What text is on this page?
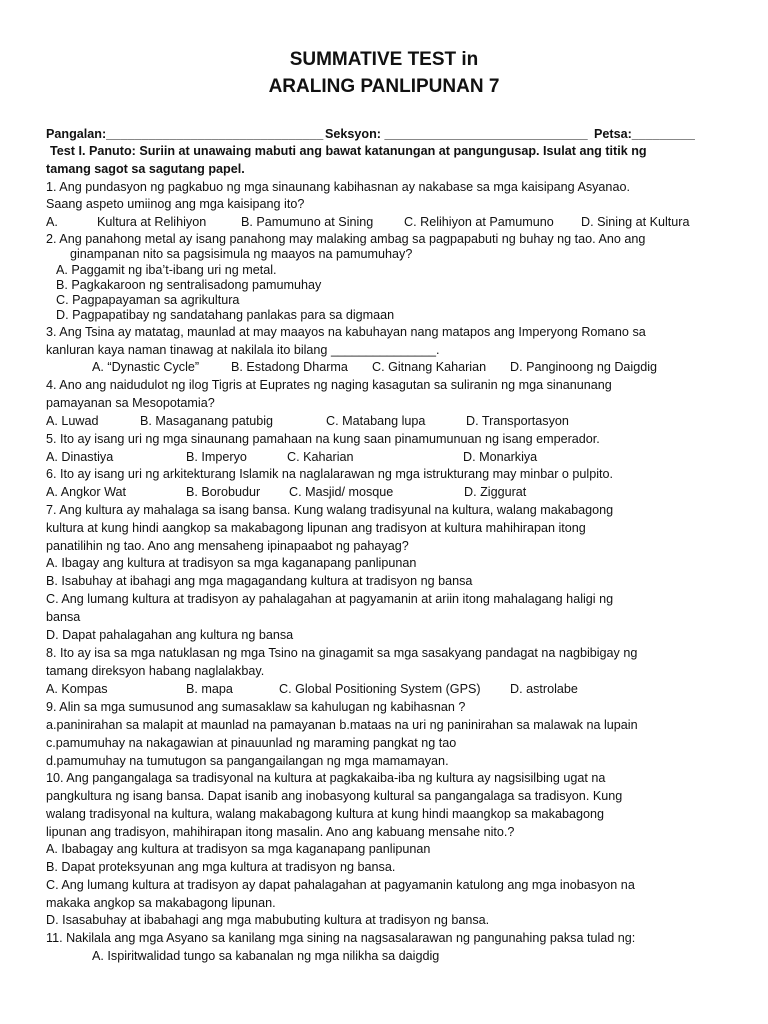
SUMMATIVE TEST in
ARALING PANLIPUNAN 7
Pangalan:_______________________________ Seksyon: _____________________________ Petsa:_________
Test I. Panuto: Suriin at unawaing mabuti ang bawat katanungan at pangungusap. Isulat ang titik ng
tamang sagot sa sagutang papel.
1. Ang pundasyon ng pagkabuo ng mga sinaunang kabihasnan ay nakabase sa mga kaisipang Asyanao.
Saang aspeto umiinog ang mga kaisipang ito?
A.	Kultura at Relihiyon	B. Pamumuno at Sining C. Relihiyon at Pamumuno D. Sining at Kultura
2. Ang panahong metal ay isang panahong may malaking ambag sa pagpapabuti ng buhay ng tao. Ano ang
ginampanan nito sa pagsisimula ng maayos na pamumuhay?
A. Paggamit ng iba’t-ibang uri ng metal.
B. Pagkakaroon ng sentralisadong pamumuhay
C. Pagpapayaman sa agrikultura
D. Pagpapatibay ng sandatahang panlakas para sa digmaan
3. Ang Tsina ay matatag, maunlad at may maayos na kabuhayan nang matapos ang Imperyong Romano sa
kanluran kaya naman tinawag at nakilala ito bilang _______________.
A. “Dynastic Cycle”	B. Estadong Dharma C. Gitnang Kaharian D. Panginoong ng Daigdig
4. Ano ang naidudulot ng ilog Tigris at Euprates ng naging kasagutan sa suliranin ng mga sinanunang
pamayanan sa Mesopotamia?
A. Luwad	B. Masaganang patubig	C. Matabang lupa	D. Transportasyon
5. Ito ay isang uri ng mga sinaunang pamahaan na kung saan pinamumunuan ng isang emperador.
A. Dinastiya	B. Imperyo	C. Kaharian	D. Monarkiya
6. Ito ay isang uri ng arkitekturang Islamik na naglalarawan ng mga istrukturang may minbar o pulpito.
A. Angkor Wat	B. Borobudur C. Masjid/ mosque	D. Ziggurat
7. Ang kultura ay mahalaga sa isang bansa. Kung walang tradisyunal na kultura, walang makabagong
kultura at kung hindi aangkop sa makabagong lipunan ang tradisyon at kultura mahihirapan itong
panatilihin ng tao. Ano ang mensaheng ipinapaabot ng pahayag?
A. Ibagay ang kultura at tradisyon sa mga kaganapang panlipunan
B. Isabuhay at ibahagi ang mga magagandang kultura at tradisyon ng bansa
C. Ang lumang kultura at tradisyon ay pahalagahan at pagyamanin at ariin itong mahalagang haligi ng
bansa
D. Dapat pahalagahan ang kultura ng bansa
8. Ito ay isa sa mga natuklasan ng mga Tsino na ginagamit sa mga sasakyang pandagat na nagbibigay ng
tamang direksyon habang naglalakbay.
A. Kompas	B. mapa	C. Global Positioning System (GPS) D. astrolabe
9. Alin sa mga sumusunod ang sumasaklaw sa kahulugan ng kabihasnan ?
a.paninirahan sa malapit at maunlad na pamayanan b.mataas na uri ng paninirahan sa malawak na lupain
c.pamumuhay na nakagawian at pinauunlad ng maraming pangkat ng tao
d.pamumuhay na tumutugon sa pangangailangan ng mga mamamayan.
10. Ang pangangalaga sa tradisyonal na kultura at pagkakaiba-iba ng kultura ay nagsisilbing ugat na
pangkultura ng isang bansa. Dapat isanib ang inobasyong kultural sa pangangalaga sa tradisyon. Kung
walang tradisyonal na kultura, walang makabagong kultura at kung hindi maangkop sa makabagong
lipunan ang tradisyon, mahihirapan itong masalin. Ano ang kabuang mensahe nito.?
A. Ibabagay ang kultura at tradisyon sa mga kaganapang panlipunan
B. Dapat proteksyunan ang mga kultura at tradisyon ng bansa.
C. Ang lumang kultura at tradisyon ay dapat pahalagahan at pagyamanin katulong ang mga inobasyon na
makaka angkop sa makabagong lipunan.
D. Isasabuhay at ibabahagi ang mga mabubuting kultura at tradisyon ng bansa.
11. Nakilala ang mga Asyano sa kanilang mga sining na nagsasalarawan ng pangunahing paksa tulad ng:
A. Ispiritwalidad tungo sa kabanalan ng mga nilikha sa daigdig
